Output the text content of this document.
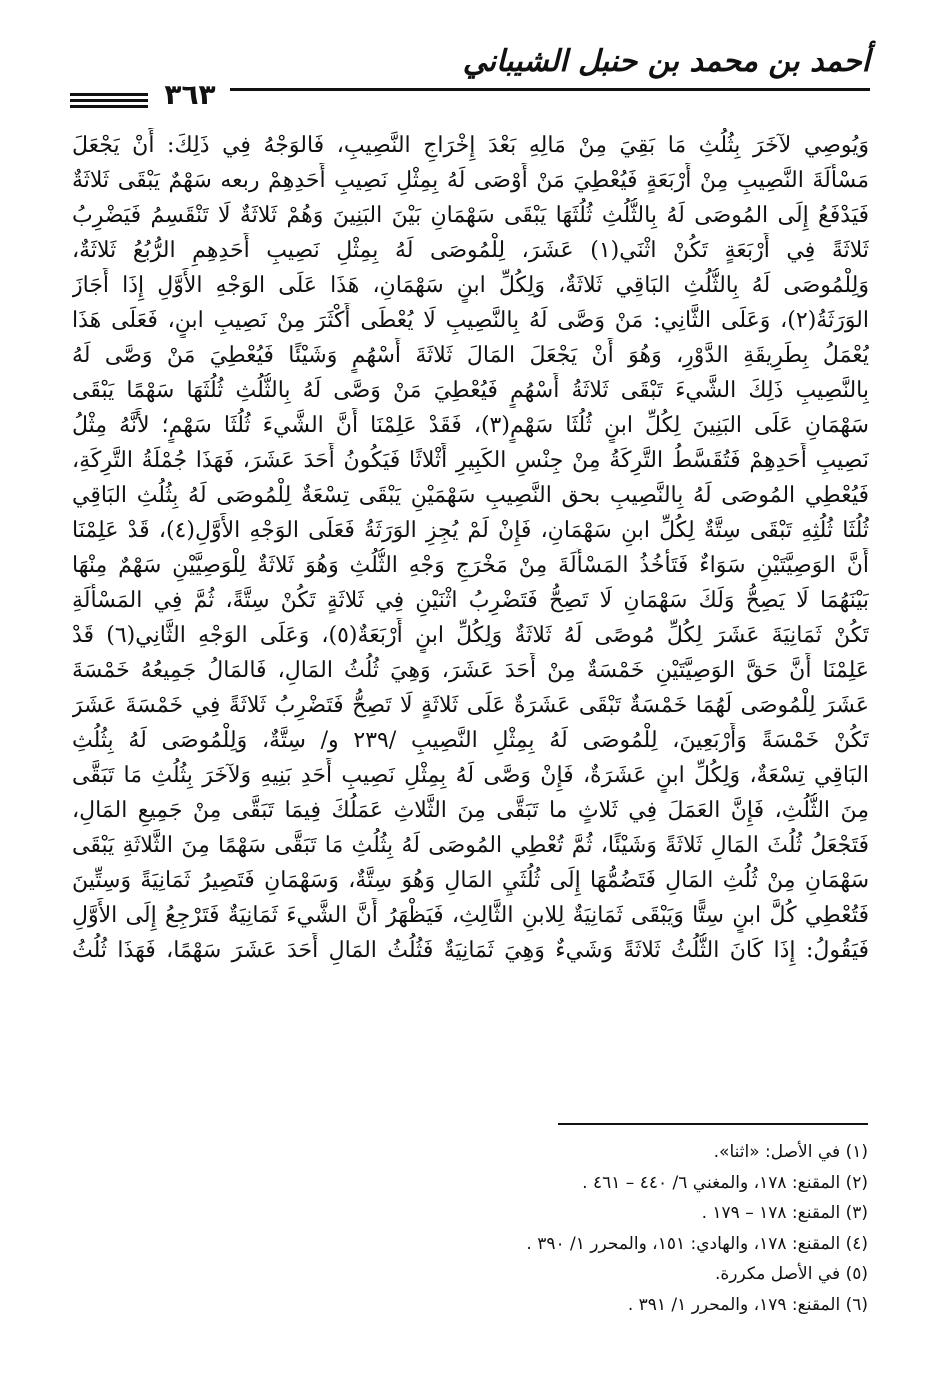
أحمد بن محمد بن حنبل الشيباني
٣٦٣
وَيُوصِي لآخَرَ بِثُلُثِ مَا بَقِيَ مِنْ مَالِهِ بَعْدَ إِخْرَاجِ النَّصِيبِ، فَالوَجْهُ فِي ذَلِكَ: أَنْ يَجْعَلَ
مَسْأَلَةَ النَّصِيبِ مِنْ أَرْبَعَةٍ فَيُعْطِيَ مَنْ أَوْصَى لَهُ بِمِثْلِ نَصِيبِ أَحَدِهِمْ ربعه سَهْمٌ يَبْقَى ثَلاثَةٌ
فَيَدْفَعُ إِلَى المُوصَى لَهُ بِالثُّلُثِ ثُلُثَهَا يَبْقَى سَهْمَانِ بَيْنَ البَنِينَ وَهُمْ ثَلاثَةٌ لَا تَنْقَسِمُ فَيَضْرِبُ
ثَلاثَةً فِي أَرْبَعَةٍ تَكُنْ اثْنَي(١) عَشَرَ، لِلْمُوصَى لَهُ بِمِثْلِ نَصِيبِ أَحَدِهِمِ الرُّبُعُ ثَلاثَةٌ،
وَلِلْمُوصَى لَهُ بِالثُّلُثِ البَاقِي ثَلاثَةٌ، وَلِكُلِّ ابنٍ سَهْمَانِ، هَذَا عَلَى الوَجْهِ الأَوَّلِ إِذَا أَجَازَ
الوَرَثَةُ(٢)، وَعَلَى الثَّانِي: مَنْ وَصَّى لَهُ بِالنَّصِيبِ لَا يُعْطَى أَكْثَرَ مِنْ نَصِيبِ ابنٍ، فَعَلَى هَذَا
يُعْمَلُ بِطَرِيقَةِ الدَّوْرِ، وَهُوَ أَنْ يَجْعَلَ المَالَ ثَلاثَةَ أَسْهُمٍ وَشَيْئًا فَيُعْطِيَ مَنْ وَصَّى لَهُ
بِالنَّصِيبِ ذَلِكَ الشَّيءَ تَبْقَى ثَلاثَةُ أَسْهُمٍ فَيُعْطِيَ مَنْ وَصَّى لَهُ بِالثُّلُثِ ثُلُثَهَا سَهْمًا يَبْقَى
سَهْمَانِ عَلَى البَنِينَ لِكُلِّ ابنٍ ثُلُثَا سَهْمٍ(٣)، فَقَدْ عَلِمْنَا أَنَّ الشَّيءَ ثُلُثَا سَهْمٍ؛ لأَنَّهُ مِثْلُ
نَصِيبِ أَحَدِهِمْ فَتُقَسَّطُ التَّرِكَةُ مِنْ جِنْسِ الكَبِيرِ أَثْلاثًا فَيَكُونُ أَحَدَ عَشَرَ، فَهَذَا جُمْلَةُ التَّرِكَةِ،
فَيُعْطِي المُوصَى لَهُ بِالنَّصِيبِ بحق النَّصِيبِ سَهْمَيْنِ يَبْقَى تِسْعَةٌ لِلْمُوصَى لَهُ بِثُلُثِ البَاقِي
ثُلُثَا ثُلُثِهِ تَبْقَى سِتَّةٌ لِكُلِّ ابنِ سَهْمَانِ، فَإِنْ لَمْ يُجِزِ الوَرَثَةُ فَعَلَى الوَجْهِ الأَوَّلِ(٤)، قَدْ عَلِمْنَا
أَنَّ الوَصِيَّتَيْنِ سَوَاءٌ فَتَأْخُذُ المَسْأَلَةَ مِنْ مَخْرَجِ وَجْهِ الثُّلُثِ وَهُوَ ثَلاثَةٌ لِلْوَصِيَّيْنِ سَهْمٌ مِنْهَا
بَيْنَهُمَا لَا يَصِحُّ وَلَكَ سَهْمَانِ لَا تَصِحُّ فَتَضْرِبُ اثْنَيْنِ فِي ثَلاثَةٍ تَكُنْ سِتَّةً، ثُمَّ فِي المَسْأَلَةِ
تَكُنْ ثَمَانِيَةَ عَشَرَ لِكُلِّ مُوصًى لَهُ ثَلاثَةٌ وَلِكُلِّ ابنٍ أَرْبَعَةٌ(٥)، وَعَلَى الوَجْهِ الثَّانِي(٦) قَدْ
عَلِمْنَا أَنَّ حَقَّ الوَصِيَّتَيْنِ خَمْسَةٌ مِنْ أَحَدَ عَشَرَ، وَهِيَ ثُلُثُ المَالِ، فَالمَالُ جَمِيعُهُ خَمْسَةَ
عَشَرَ لِلْمُوصَى لَهُمَا خَمْسَةٌ تَبْقَى عَشَرَةٌ عَلَى ثَلاثَةٍ لَا تَصِحُّ فَتَضْرِبُ ثَلاثَةً فِي خَمْسَةَ عَشَرَ
تَكُنْ خَمْسَةً وَأَرْبَعِينَ، لِلْمُوصَى لَهُ بِمِثْلِ النَّصِيبِ /٢٣٩ و/ سِتَّةٌ، وَلِلْمُوصَى لَهُ بِثُلُثِ
البَاقِي تِسْعَةٌ، وَلِكُلِّ ابنٍ عَشَرَةٌ، فَإِنْ وَصَّى لَهُ بِمِثْلِ نَصِيبِ أَحَدِ بَنِيهِ وَلآخَرَ بِثُلُثِ مَا تَبَقَّى
مِنَ الثُّلُثِ، فَإِنَّ العَمَلَ فِي ثَلاثٍ ما تَبَقَّى مِنَ الثَّلاثِ عَمَلُكَ فِيمَا تَبَقَّى مِنْ جَمِيعِ المَالِ،
فَتَجْعَلُ ثُلُثَ المَالِ ثَلاثَةً وَشَيْئًا، ثُمَّ تُعْطِي المُوصَى لَهُ بِثُلُثِ مَا تَبَقَّى سَهْمًا مِنَ الثَّلاثَةِ يَبْقَى
سَهْمَانِ مِنْ ثُلُثِ المَالِ فَتَضُمُّهَا إِلَى ثُلُثَيِ المَالِ وَهُوَ سِتَّةٌ، وَسَهْمَانِ فَتَصِيرُ ثَمَانِيَةً وَسِتِّينَ
فَتُعْطِي كُلَّ ابنٍ سِتًّا وَيَبْقَى ثَمَانِيَةٌ لِلابنِ الثَّالِثِ، فَيَظْهَرُ أَنَّ الشَّيءَ ثَمَانِيَةٌ فَتَرْجِعُ إِلَى الأَوَّلِ
فَيَقُولُ: إِذَا كَانَ الثُّلُثُ ثَلاثَةً وَشَيءٌ وَهِيَ ثَمَانِيَةٌ فَثُلُثُ المَالِ أَحَدَ عَشَرَ سَهْمًا، فَهَذَا ثُلُثُ
(١) في الأصل: «اثنا».
(٢) المقنع: ١٧٨، والمغني ٦/ ٤٤٠ – ٤٦١ .
(٣) المقنع: ١٧٨ – ١٧٩ .
(٤) المقنع: ١٧٨، والهادي: ١٥١، والمحرر ١/ ٣٩٠ .
(٥) في الأصل مكررة.
(٦) المقنع: ١٧٩، والمحرر ١/ ٣٩١ .
